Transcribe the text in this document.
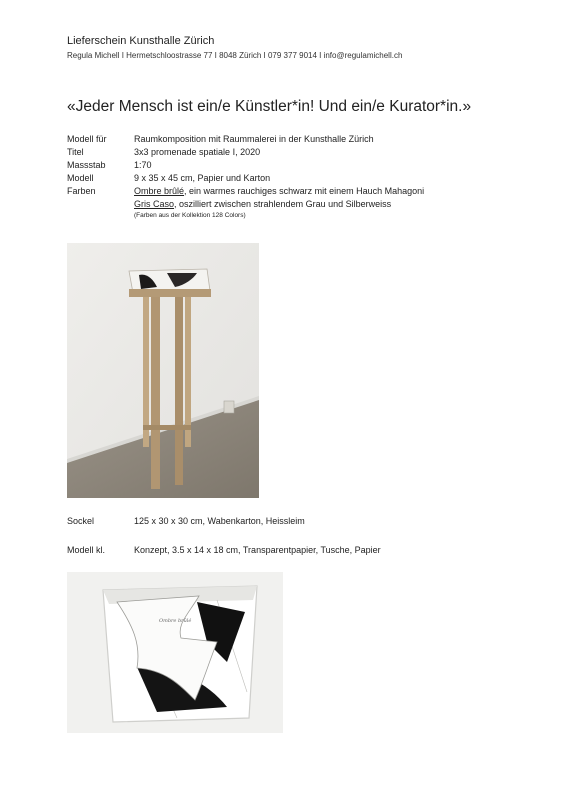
Lieferschein Kunsthalle Zürich
Regula Michell I Hermetschloostrasse 77 I 8048 Zürich I 079 377 9014 I info@regulamichell.ch
«Jeder Mensch ist ein/e Künstler*in! Und ein/e Kurator*in.»
Modell für	Raumkomposition mit Raummalerei in der Kunsthalle Zürich
Titel	3x3 promenade spatiale I, 2020
Massstab	1:70
Modell	9 x 35 x 45 cm, Papier und Karton
Farben	Ombre brûlé, ein warmes rauchiges schwarz mit einem Hauch Mahagoni
Gris Caso, oszilliert zwischen strahlendem Grau und Silberweiss
(Farben aus der Kollektion 128 Colors)
Sockel	125 x 30 x 30 cm, Wabenkarton, Heissleim
Modell kl.	Konzept, 3.5 x 14 x 18 cm, Transparentpapier, Tusche, Papier
Ombre brûlé
